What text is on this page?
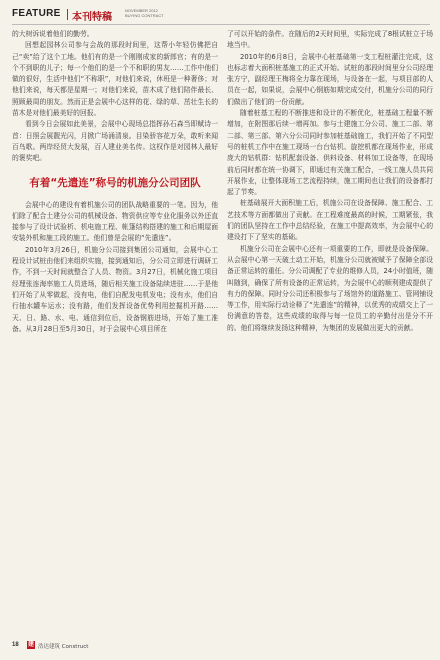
FEATURE 本刊特稿
NOVEMBER 2012 BUYING CONTRACT

的大树诉说着他们的勤劳。

回想起园林公司参与会战的那段时间里，这帮小年轻仿佛把自己“卖”给了这个工地。他们有的是一个刚刚成家的新郎官；有的是一个不到职的儿子；每一个他们的是一个不和职的男友……工作中他们做的很好，生活中他们“不称职”，对他们来说，休班是一种奢侈；对他们来说，每天都是星期一；对他们来说，苗木成了他们陪伴最长、照顾最周的朋友。然而正是会展中心这样的花、绿的草、茁壮生长的苗木是对他们最美好的回报。

看到今日会展如此美景，会展中心现场总指挥孙石森当即赋诗一首：日照会展靓光闪，月掀广场涌清泉。目染骄容花万朵，敢听来闻百鸟歌。两岸经贸大发展，百人建业美名传。这权作是对园林人最好的褒奖吧。

有着“先遣连”称号的机施分公司团队

会展中心的建设有着机施公司的团队战略重要的一笔。因为，他们除了配合土建分公司的机械设备、物资供应等专业化服务以外还直接参与了设计试验析、机电施工程、帐篷结构搭建的施工和后期屋面安装外机和施工段的施工。他们曾是会展的“先遣连”。

2010年3月26日，机施分公司接到集团公司通知，会展中心工程设计试桩由他们来组织实施，接到通知后，分公司立即进行调研工作，不到一天时间就整合了人员、物资。3月27日，机械化施工项目经理张连海率施工人员进场，随后相关施工设备陆续进驻……于是他们开始了从零做起，没有电，他们自配发电机发电；没有水，他们自行抽水罐车运水；没有路，他们发挥设备优势利用挖掘机开路……天、日、路、水、电、通信到位后，设备钢筋进场，开始了施工准备。从3月28日至5月30日，对于会展中心项目所在

了可以开始的条件。在随后的2天时间里，实际完成了8根试桩立于场地当中。

2010年的6月8日，会展中心桩基础第一支工程桩灌注完成，这也标志着大面积桩基施工的正式开始。试桩的那段时间里分公司经理张方宁，副经理王梅将全力靠在现场，与设备在一起，与项目部的人员在一起，如果说，会展中心钢筋如期完成交付，机施分公司的同行们做出了他们的一份贡献。

随着桩基工程的不断推进和设计的不断优化，桩基础工程量不断增加，在附图那后续一增再加。参与士建施工分公司、施工二部、第二部、第三部、第六分公司同时参加桩基础施工，我们开始了不同型号的桩机工作中在施工现场一台台钻机、旋挖机都在现场作业，形成庞大的钻机群：钻机配套设备、供料设备、材料加工设备等，在现场前后同时都在统一协调下，即通过有关施工配合，一线工施人员共同开展作业，让整体现场工艺流程持续，施工期间也让我们的设备都打起了节奏。

桩基础展开大面积施工后，机施公司在设备保障、施工配合、工艺技术等方面都做出了贡献。在工程难度最高的时候，工期紧张，我们的团队坚持在工作中总结经验，在施工中提高效率，为会展中心的建设打下了坚实的基础。

机施分公司在会展中心还有一项重要的工作，即就是设备保障。从会展中心第一天破土动工开始，机施分公司就被赋予了保障全部设备正常运转的重任。分公司调配了专业的维修人员，24小时值班，随叫随到，确保了所有设备的正常运转，为会展中心的顺利建成提供了有力的保障。同时分公司还积极参与了场馆外的道路施工、管网铺设等工作，用实际行动诠释了“先遣连”的精神，以优秀的成绩交上了一份满意的答卷，这些成绩的取得与每一位员工的辛勤付出是分不开的。他们将继续发扬这种精神，为集团的发展做出更大的贡献。

18 建 浩达建筑 Construct
